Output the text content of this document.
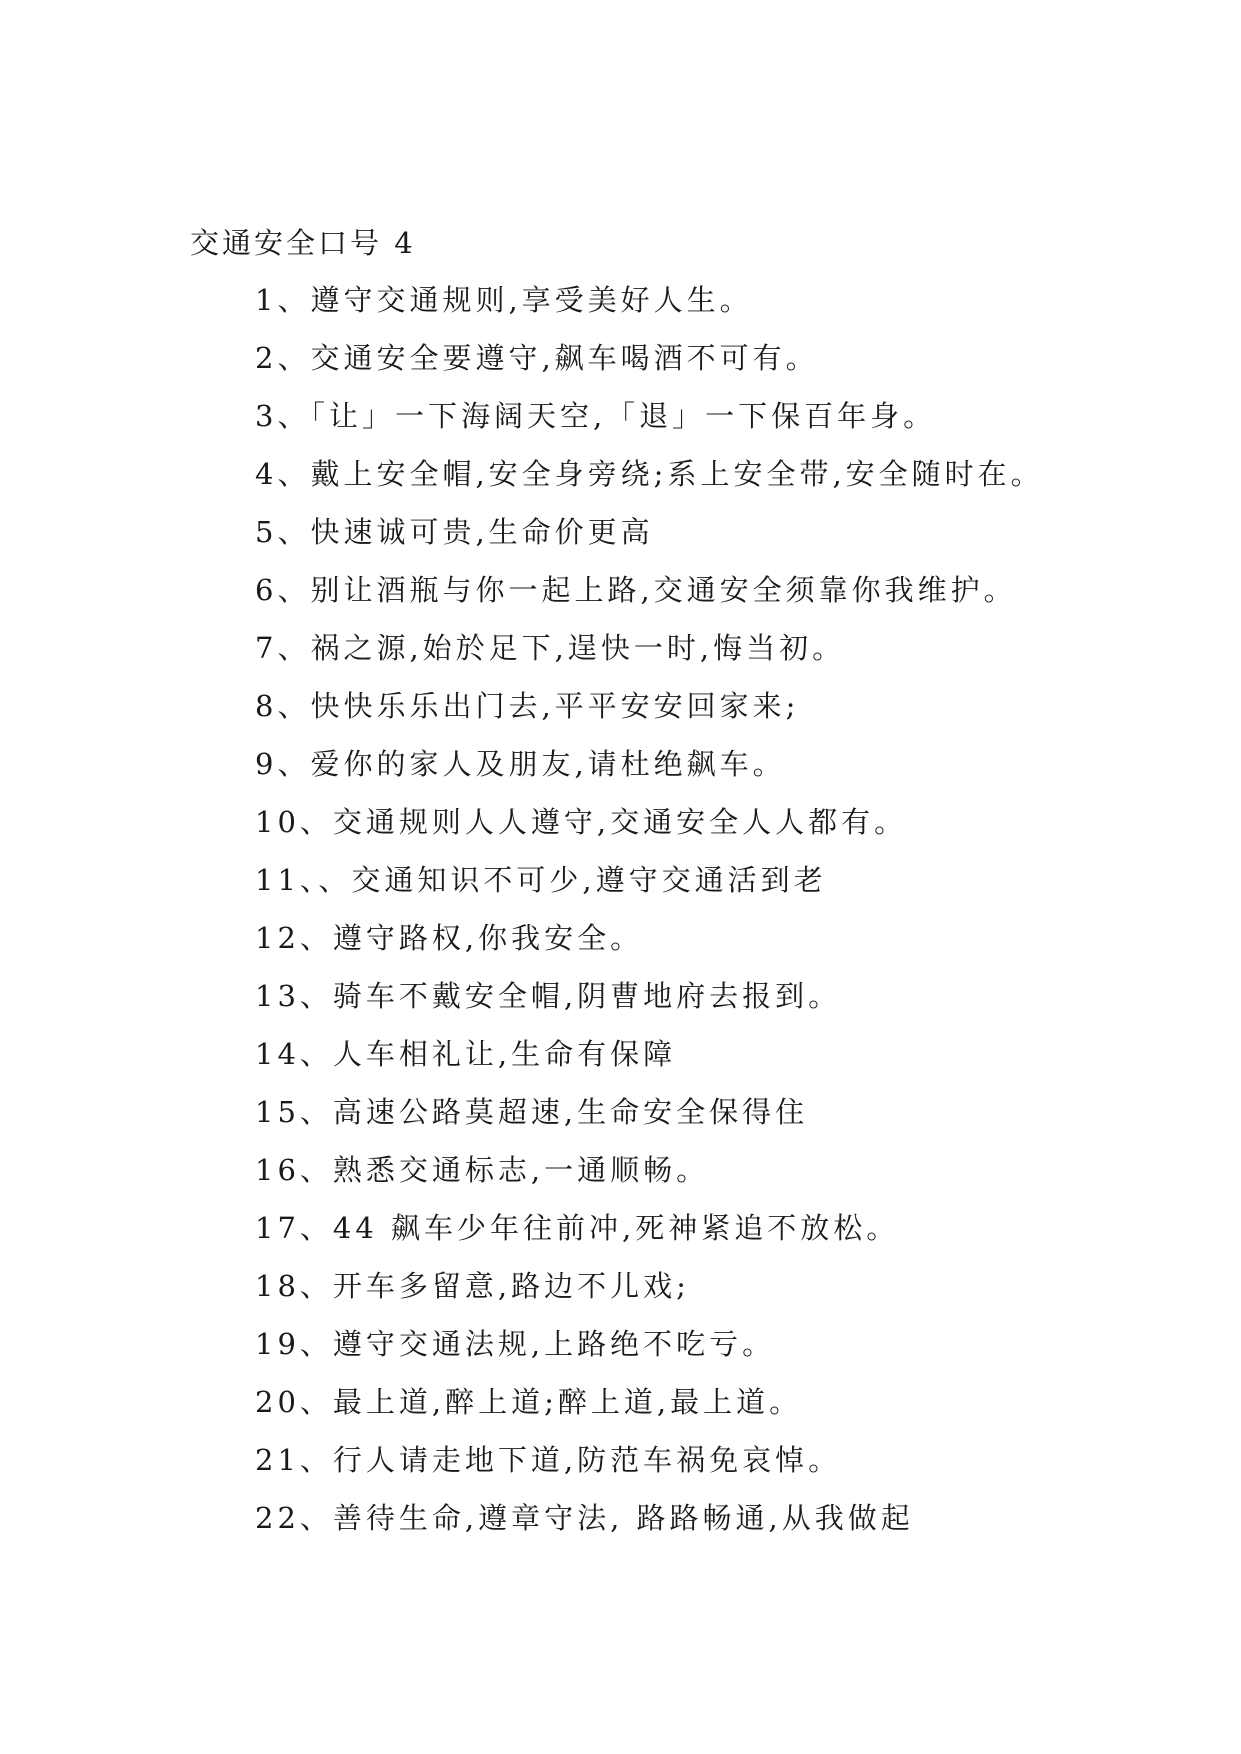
交通安全口号 4
1、遵守交通规则,享受美好人生。
2、交通安全要遵守,飙车喝酒不可有。
3、「让」一下海阔天空,「退」一下保百年身。
4、戴上安全帽,安全身旁绕;系上安全带,安全随时在。
5、快速诚可贵,生命价更高
6、别让酒瓶与你一起上路,交通安全须靠你我维护。
7、祸之源,始於足下,逞快一时,悔当初。
8、快快乐乐出门去,平平安安回家来;
9、爱你的家人及朋友,请杜绝飙车。
10、交通规则人人遵守,交通安全人人都有。
11、、交通知识不可少,遵守交通活到老
12、遵守路权,你我安全。
13、骑车不戴安全帽,阴曹地府去报到。
14、人车相礼让,生命有保障
15、高速公路莫超速,生命安全保得住
16、熟悉交通标志,一通顺畅。
17、44 飙车少年往前冲,死神紧追不放松。
18、开车多留意,路边不儿戏;
19、遵守交通法规,上路绝不吃亏。
20、最上道,醉上道;醉上道,最上道。
21、行人请走地下道,防范车祸免哀悼。
22、善待生命,遵章守法, 路路畅通,从我做起
